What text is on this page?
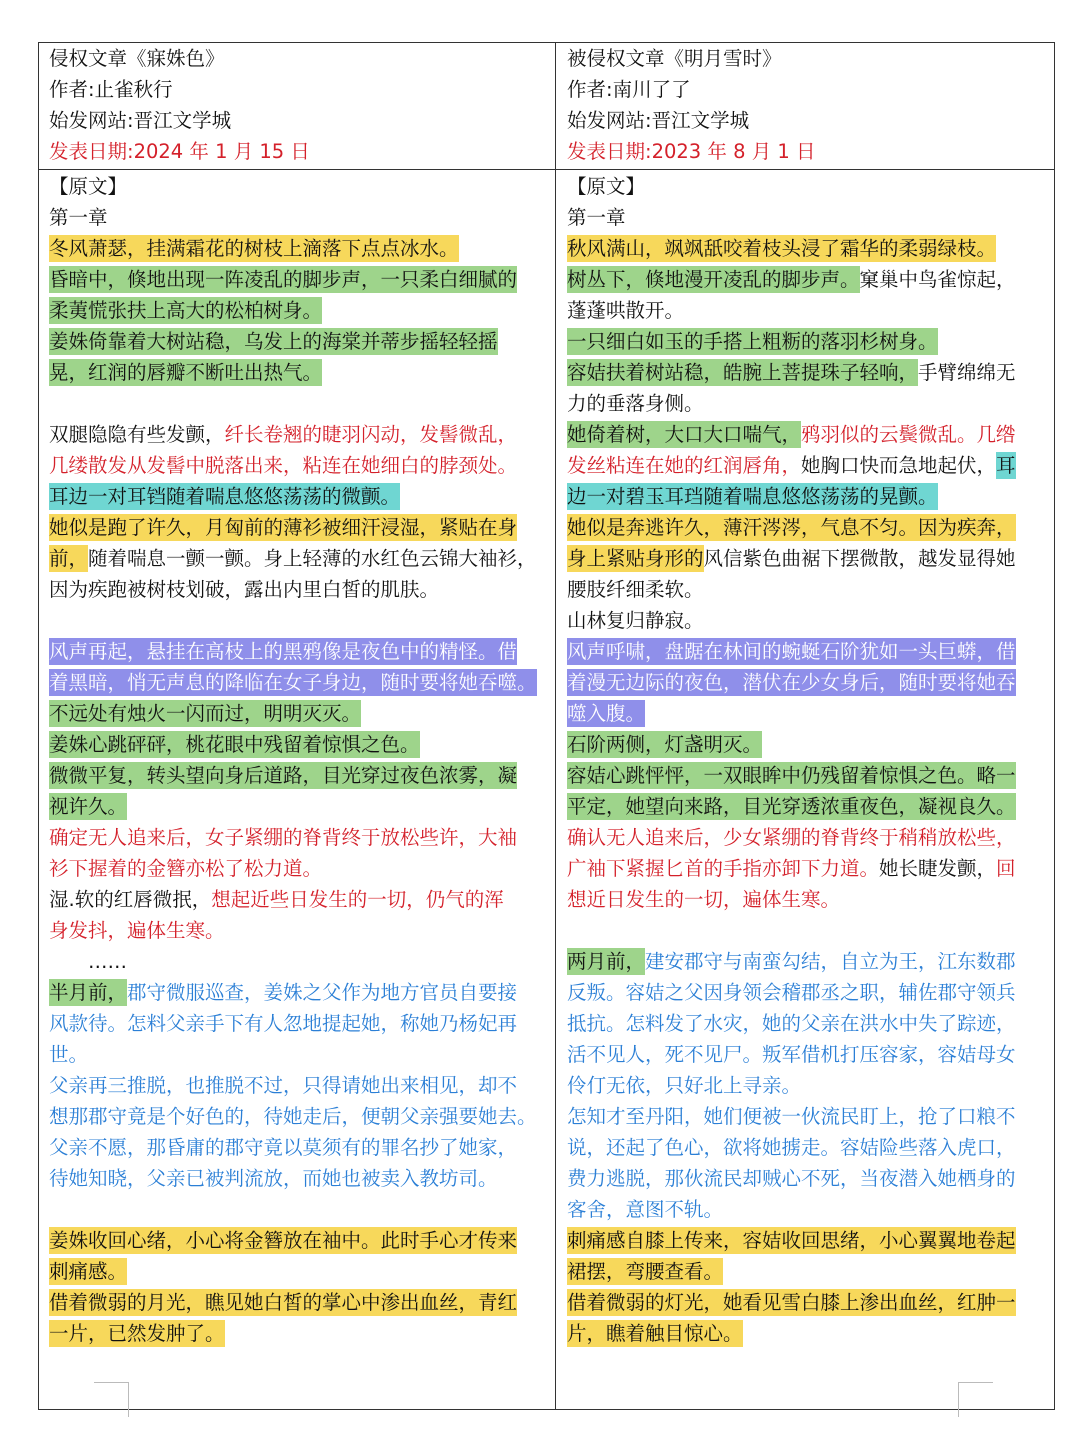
侵权文章《寐姝色》
作者:止雀秋行
始发网站:晋江文学城
发表日期:2024 年 1 月 15 日
【原文】
第一章
冬风萧瑟，挂满霜花的树枝上滴落下点点冰水。
昏暗中，倏地出现一阵凌乱的脚步声，一只柔白细腻的
柔荑慌张扶上高大的松柏树身。
姜姝倚靠着大树站稳，乌发上的海棠并蒂步摇轻轻摇
晃，红润的唇瓣不断吐出热气。
双腿隐隐有些发颤，纤长卷翘的睫羽闪动，发髻微乱，
几缕散发从发髻中脱落出来，粘连在她细白的脖颈处。
耳边一对耳铛随着喘息悠悠荡荡的微颤。
她似是跑了许久，月匈前的薄衫被细汗浸湿，紧贴在身
前，随着喘息一颤一颤。身上轻薄的水红色云锦大袖衫，
因为疾跑被树枝划破，露出内里白皙的肌肤。
风声再起，悬挂在高枝上的黑鸦像是夜色中的精怪。借
着黑暗，悄无声息的降临在女子身边，随时要将她吞噬。
不远处有烛火一闪而过，明明灭灭。
姜姝心跳砰砰，桃花眼中残留着惊惧之色。
微微平复，转头望向身后道路，目光穿过夜色浓雾，凝
视许久。
确定无人追来后，女子紧绷的脊背终于放松些许，大袖
衫下握着的金簪亦松了松力道。
湿.软的红唇微抿，想起近些日发生的一切，仍气的浑
身发抖，遍体生寒。
　　……
半月前，郡守微服巡查，姜姝之父作为地方官员自要接
风款待。怎料父亲手下有人忽地提起她，称她乃杨妃再
世。
父亲再三推脱，也推脱不过，只得请她出来相见，却不
想那郡守竟是个好色的，待她走后，便朝父亲强要她去。
父亲不愿，那昏庸的郡守竟以莫须有的罪名抄了她家，
待她知晓，父亲已被判流放，而她也被卖入教坊司。
姜姝收回心绪，小心将金簪放在袖中。此时手心才传来
刺痛感。
借着微弱的月光，瞧见她白皙的掌心中渗出血丝，青红
一片，已然发肿了。
被侵权文章《明月雪时》
作者:南川了了
始发网站:晋江文学城
发表日期:2023 年 8 月 1 日
【原文】
第一章
秋风满山，飒飒舐咬着枝头浸了霜华的柔弱绿枝。
树丛下，倏地漫开凌乱的脚步声。窠巢中鸟雀惊起，
蓬蓬哄散开。
一只细白如玉的手搭上粗粝的落羽杉树身。
容姞扶着树站稳，皓腕上菩提珠子轻响，手臂绵绵无
力的垂落身侧。
她倚着树，大口大口喘气，鸦羽似的云鬓微乱。几绺
发丝粘连在她的红润唇角，她胸口快而急地起伏，耳
边一对碧玉耳珰随着喘息悠悠荡荡的晃颤。
她似是奔逃许久，薄汗涔涔，气息不匀。因为疾奔，
身上紧贴身形的风信紫色曲裾下摆微散，越发显得她
腰肢纤细柔软。
山林复归静寂。
风声呼啸，盘踞在林间的蜿蜒石阶犹如一头巨蟒，借
着漫无边际的夜色，潜伏在少女身后，随时要将她吞
噬入腹。
石阶两侧，灯盏明灭。
容姞心跳怦怦，一双眼眸中仍残留着惊惧之色。略一
平定，她望向来路，目光穿透浓重夜色，凝视良久。
确认无人追来后，少女紧绷的脊背终于稍稍放松些，
广袖下紧握匕首的手指亦卸下力道。她长睫发颤，回
想近日发生的一切，遍体生寒。
两月前，建安郡守与南蛮勾结，自立为王，江东数郡
反叛。容姞之父因身领会稽郡丞之职，辅佐郡守领兵
抵抗。怎料发了水灾，她的父亲在洪水中失了踪迹，
活不见人，死不见尸。叛军借机打压容家，容姞母女
伶仃无依，只好北上寻亲。
怎知才至丹阳，她们便被一伙流民盯上，抢了口粮不
说，还起了色心，欲将她掳走。容姞险些落入虎口，
费力逃脱，那伙流民却贼心不死，当夜潜入她栖身的
客舍，意图不轨。
刺痛感自膝上传来，容姞收回思绪，小心翼翼地卷起
裙摆，弯腰查看。
借着微弱的灯光，她看见雪白膝上渗出血丝，红肿一
片，瞧着触目惊心。
